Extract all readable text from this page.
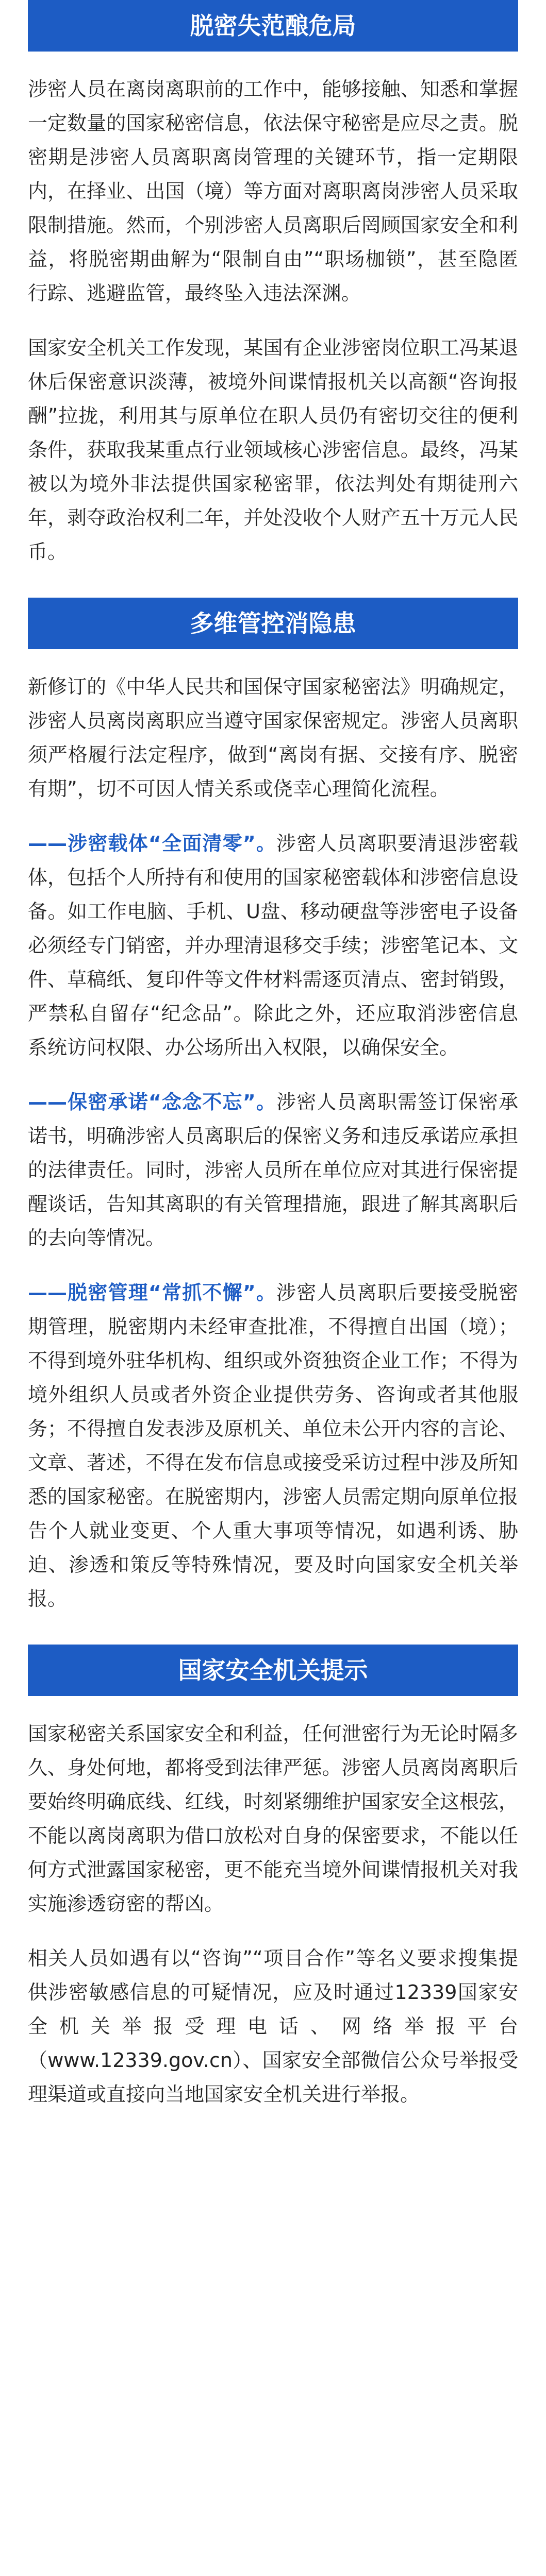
脱密失范酿危局

涉密人员在离岗离职前的工作中，能够接触、知悉和掌握一定数量的国家秘密信息，依法保守秘密是应尽之责。脱密期是涉密人员离职离岗管理的关键环节，指一定期限内，在择业、出国（境）等方面对离职离岗涉密人员采取限制措施。然而，个别涉密人员离职后罔顾国家安全和利益，将脱密期曲解为“限制自由”“职场枷锁”，甚至隐匿行踪、逃避监管，最终坠入违法深渊。

国家安全机关工作发现，某国有企业涉密岗位职工冯某退休后保密意识淡薄，被境外间谍情报机关以高额“咨询报酬”拉拢，利用其与原单位在职人员仍有密切交往的便利条件，获取我某重点行业领域核心涉密信息。最终，冯某被以为境外非法提供国家秘密罪，依法判处有期徒刑六年，剥夺政治权利二年，并处没收个人财产五十万元人民币。

多维管控消隐患

新修订的《中华人民共和国保守国家秘密法》明确规定，涉密人员离岗离职应当遵守国家保密规定。涉密人员离职须严格履行法定程序，做到“离岗有据、交接有序、脱密有期”，切不可因人情关系或侥幸心理简化流程。

——涉密载体“全面清零”。涉密人员离职要清退涉密载体，包括个人所持有和使用的国家秘密载体和涉密信息设备。如工作电脑、手机、U盘、移动硬盘等涉密电子设备必须经专门销密，并办理清退移交手续；涉密笔记本、文件、草稿纸、复印件等文件材料需逐页清点、密封销毁，严禁私自留存“纪念品”。除此之外，还应取消涉密信息系统访问权限、办公场所出入权限，以确保安全。

——保密承诺“念念不忘”。涉密人员离职需签订保密承诺书，明确涉密人员离职后的保密义务和违反承诺应承担的法律责任。同时，涉密人员所在单位应对其进行保密提醒谈话，告知其离职的有关管理措施，跟进了解其离职后的去向等情况。

——脱密管理“常抓不懈”。涉密人员离职后要接受脱密期管理，脱密期内未经审查批准，不得擅自出国（境）；不得到境外驻华机构、组织或外资独资企业工作；不得为境外组织人员或者外资企业提供劳务、咨询或者其他服务；不得擅自发表涉及原机关、单位未公开内容的言论、文章、著述，不得在发布信息或接受采访过程中涉及所知悉的国家秘密。在脱密期内，涉密人员需定期向原单位报告个人就业变更、个人重大事项等情况，如遇利诱、胁迫、渗透和策反等特殊情况，要及时向国家安全机关举报。

国家安全机关提示

国家秘密关系国家安全和利益，任何泄密行为无论时隔多久、身处何地，都将受到法律严惩。涉密人员离岗离职后要始终明确底线、红线，时刻紧绷维护国家安全这根弦，不能以离岗离职为借口放松对自身的保密要求，不能以任何方式泄露国家秘密，更不能充当境外间谍情报机关对我实施渗透窃密的帮凶。

相关人员如遇有以“咨询”“项目合作”等名义要求搜集提供涉密敏感信息的可疑情况，应及时通过12339国家安全机关举报受理电话、网络举报平台（www.12339.gov.cn）、国家安全部微信公众号举报受理渠道或直接向当地国家安全机关进行举报。
